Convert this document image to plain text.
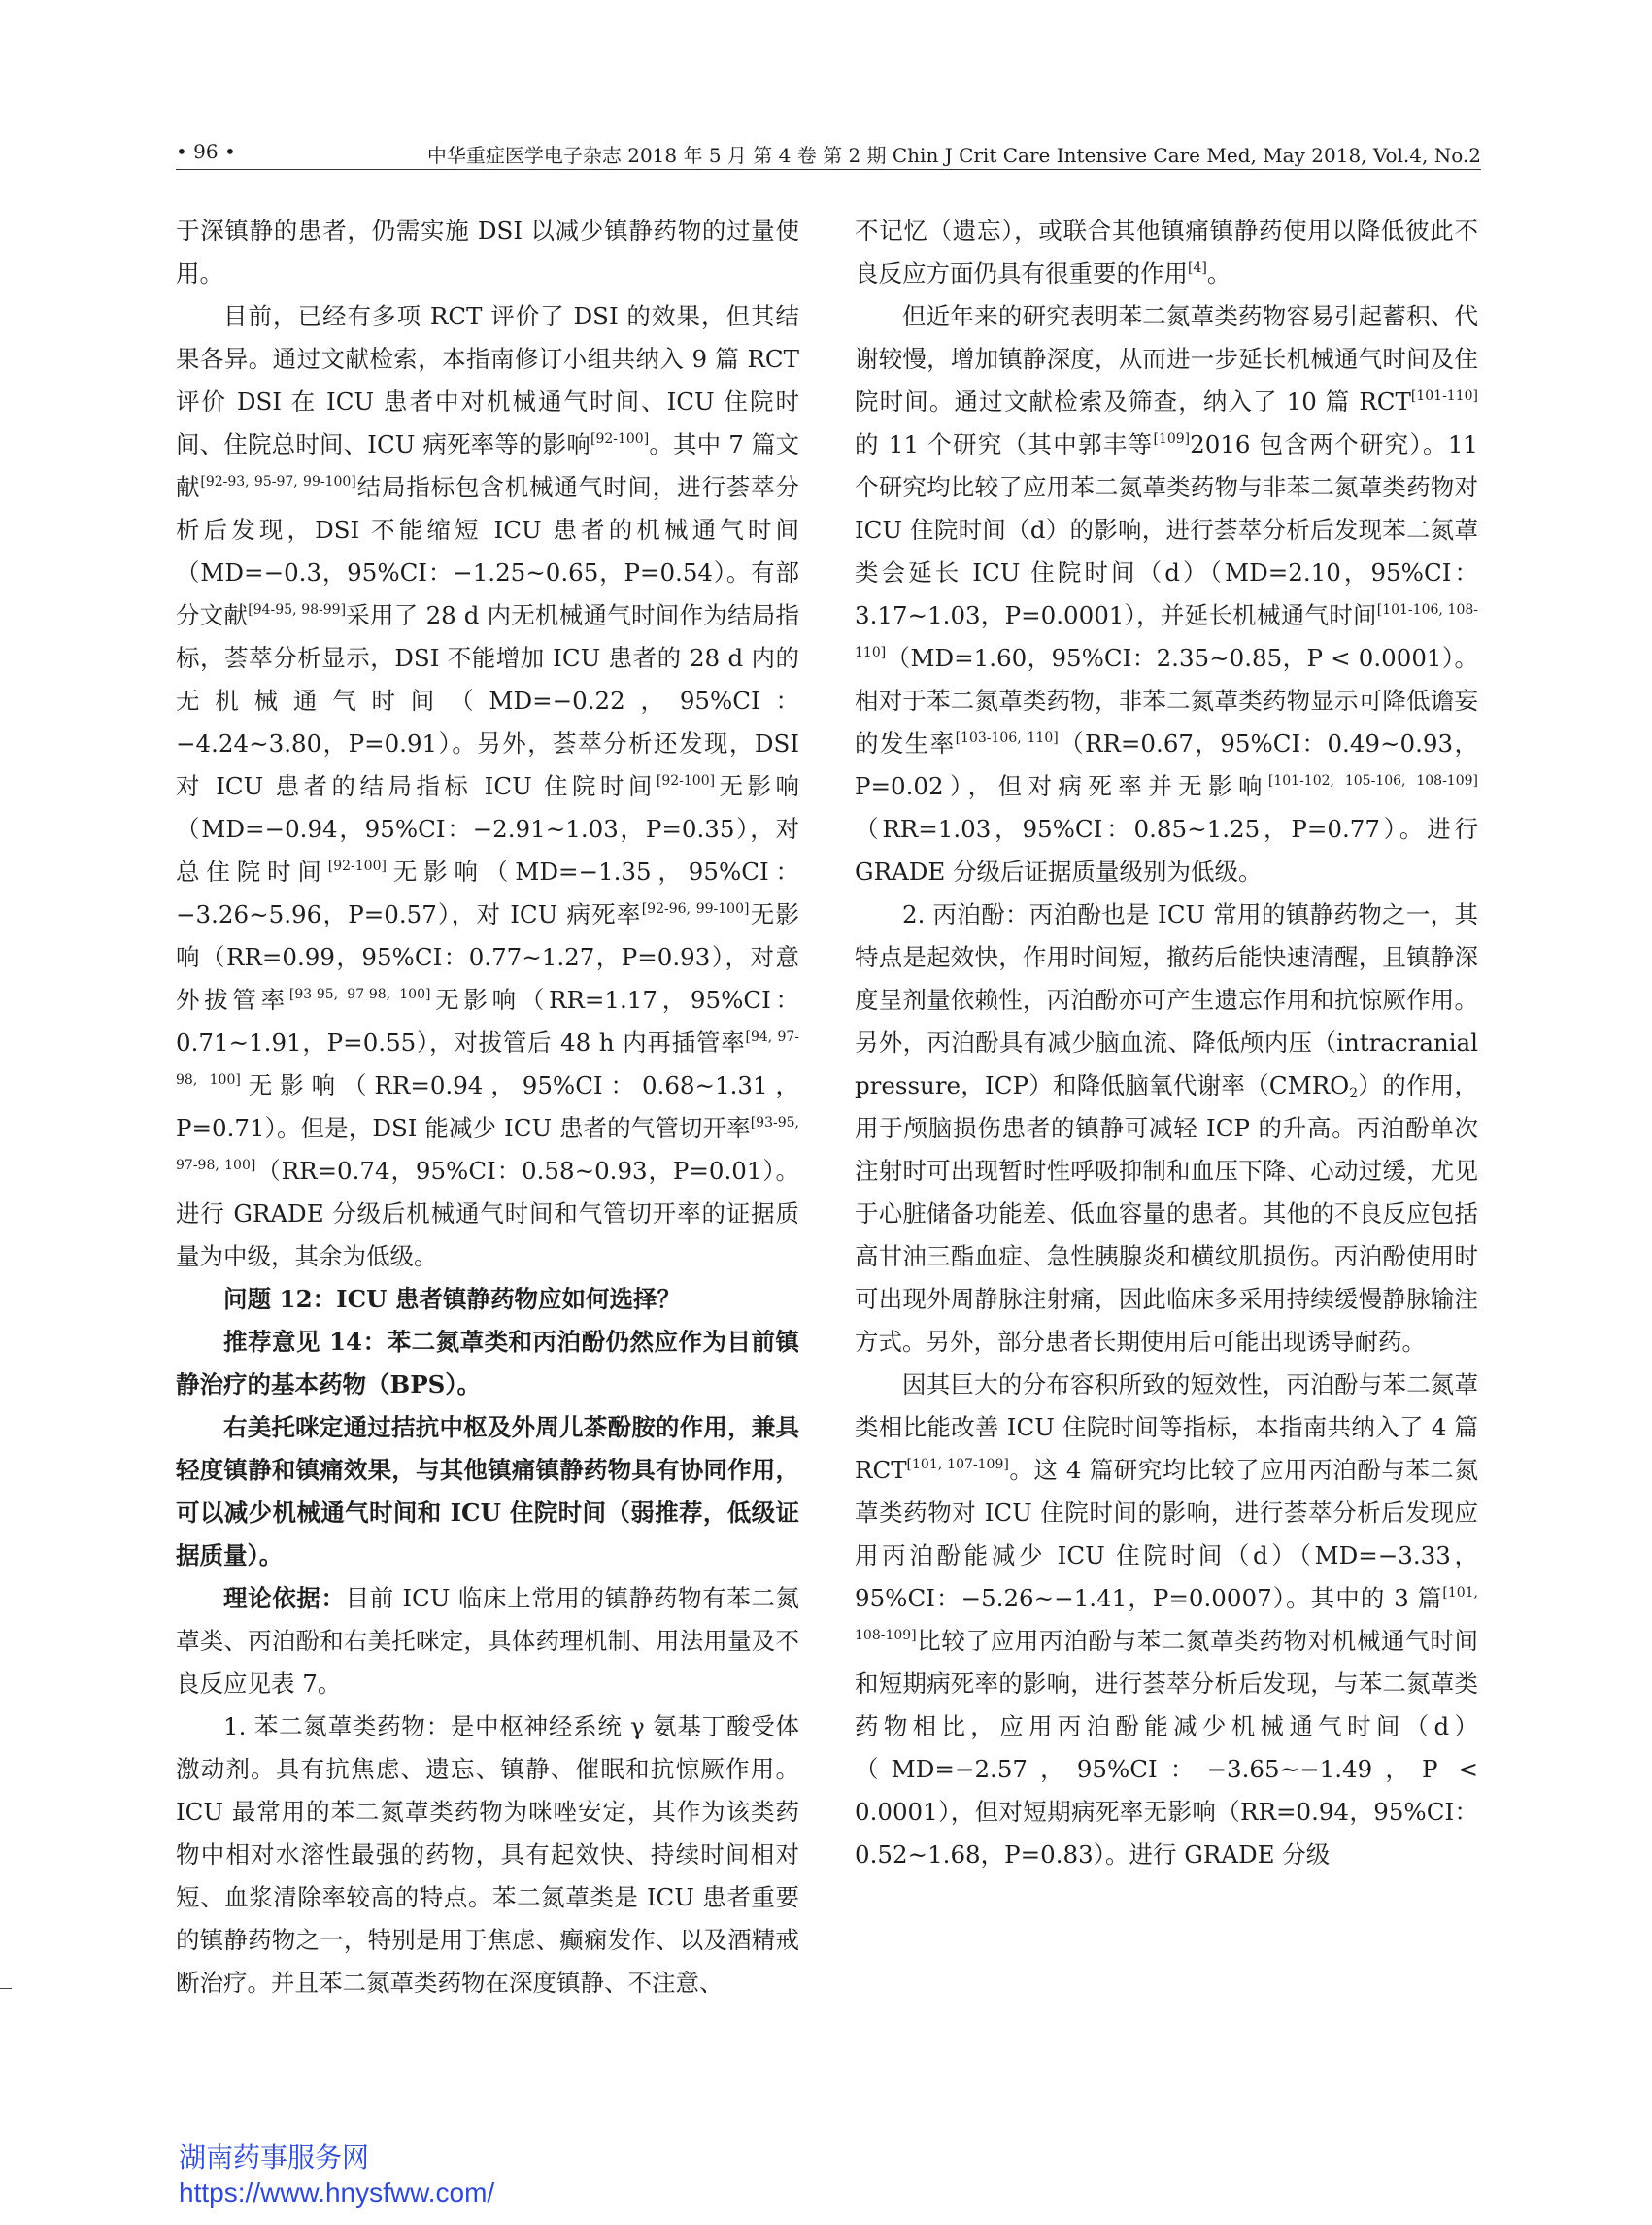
• 96 •	中华重症医学电子杂志 2018 年 5 月 第 4 卷 第 2 期 Chin J Crit Care Intensive Care Med, May 2018, Vol.4, No.2

于深镇静的患者，仍需实施 DSI 以减少镇静药物的过量使用。

目前，已经有多项 RCT 评价了 DSI 的效果，但其结果各异。通过文献检索，本指南修订小组共纳入 9 篇 RCT 评价 DSI 在 ICU 患者中对机械通气时间、ICU 住院时间、住院总时间、ICU 病死率等的影响[92-100]。其中 7 篇文献[92-93, 95-97, 99-100]结局指标包含机械通气时间，进行荟萃分析后发现，DSI 不能缩短 ICU 患者的机械通气时间（MD=−0.3，95%CI：−1.25~0.65，P=0.54）。有部分文献[94-95, 98-99]采用了 28 d 内无机械通气时间作为结局指标，荟萃分析显示，DSI 不能增加 ICU 患者的 28 d 内的无机械通气时间（MD=−0.22，95%CI：−4.24~3.80，P=0.91）。另外，荟萃分析还发现，DSI 对 ICU 患者的结局指标 ICU 住院时间[92-100]无影响（MD=−0.94，95%CI：−2.91~1.03，P=0.35），对总住院时间[92-100]无影响（MD=−1.35，95%CI：−3.26~5.96，P=0.57），对 ICU 病死率[92-96, 99-100]无影响（RR=0.99，95%CI：0.77~1.27，P=0.93），对意外拔管率[93-95, 97-98, 100]无影响（RR=1.17，95%CI：0.71~1.91，P=0.55），对拔管后 48 h 内再插管率[94, 97-98, 100]无影响（RR=0.94，95%CI：0.68~1.31，P=0.71）。但是，DSI 能减少 ICU 患者的气管切开率[93-95, 97-98, 100]（RR=0.74，95%CI：0.58~0.93，P=0.01）。进行 GRADE 分级后机械通气时间和气管切开率的证据质量为中级，其余为低级。

问题 12：ICU 患者镇静药物应如何选择？

推荐意见 14：苯二氮䓬类和丙泊酚仍然应作为目前镇静治疗的基本药物（BPS）。

右美托咪定通过拮抗中枢及外周儿茶酚胺的作用，兼具轻度镇静和镇痛效果，与其他镇痛镇静药物具有协同作用，可以减少机械通气时间和 ICU 住院时间（弱推荐，低级证据质量）。

理论依据：目前 ICU 临床上常用的镇静药物有苯二氮䓬类、丙泊酚和右美托咪定，具体药理机制、用法用量及不良反应见表 7。

1. 苯二氮䓬类药物：是中枢神经系统 γ 氨基丁酸受体激动剂。具有抗焦虑、遗忘、镇静、催眠和抗惊厥作用。ICU 最常用的苯二氮䓬类药物为咪唑安定，其作为该类药物中相对水溶性最强的药物，具有起效快、持续时间相对短、血浆清除率较高的特点。苯二氮䓬类是 ICU 患者重要的镇静药物之一，特别是用于焦虑、癫痫发作、以及酒精戒断治疗。并且苯二氮䓬类药物在深度镇静、不注意、

不记忆（遗忘），或联合其他镇痛镇静药使用以降低彼此不良反应方面仍具有很重要的作用[4]。

但近年来的研究表明苯二氮䓬类药物容易引起蓄积、代谢较慢，增加镇静深度，从而进一步延长机械通气时间及住院时间。通过文献检索及筛查，纳入了 10 篇 RCT[101-110]的 11 个研究（其中郭丰等[109]2016 包含两个研究）。11 个研究均比较了应用苯二氮䓬类药物与非苯二氮䓬类药物对 ICU 住院时间（d）的影响，进行荟萃分析后发现苯二氮䓬类会延长 ICU 住院时间（d）（MD=2.10，95%CI：3.17~1.03，P=0.0001），并延长机械通气时间[101-106, 108-110]（MD=1.60，95%CI：2.35~0.85，P < 0.0001）。相对于苯二氮䓬类药物，非苯二氮䓬类药物显示可降低谵妄的发生率[103-106, 110]（RR=0.67，95%CI：0.49~0.93，P=0.02），但对病死率并无影响[101-102, 105-106, 108-109]（RR=1.03，95%CI：0.85~1.25，P=0.77）。进行 GRADE 分级后证据质量级别为低级。

2. 丙泊酚：丙泊酚也是 ICU 常用的镇静药物之一，其特点是起效快，作用时间短，撤药后能快速清醒，且镇静深度呈剂量依赖性，丙泊酚亦可产生遗忘作用和抗惊厥作用。另外，丙泊酚具有减少脑血流、降低颅内压（intracranial pressure，ICP）和降低脑氧代谢率$(CMRO_2)$的作用，用于颅脑损伤患者的镇静可减轻 ICP 的升高。丙泊酚单次注射时可出现暂时性呼吸抑制和血压下降、心动过缓，尤见于心脏储备功能差、低血容量的患者。其他的不良反应包括高甘油三酯血症、急性胰腺炎和横纹肌损伤。丙泊酚使用时可出现外周静脉注射痛，因此临床多采用持续缓慢静脉输注方式。另外，部分患者长期使用后可能出现诱导耐药。

因其巨大的分布容积所致的短效性，丙泊酚与苯二氮䓬类相比能改善 ICU 住院时间等指标，本指南共纳入了 4 篇 RCT[101, 107-109]。这 4 篇研究均比较了应用丙泊酚与苯二氮䓬类药物对 ICU 住院时间的影响，进行荟萃分析后发现应用丙泊酚能减少 ICU 住院时间（d）（MD=−3.33，95%CI：−5.26~−1.41，P=0.0007）。其中的 3 篇[101, 108-109]比较了应用丙泊酚与苯二氮䓬类药物对机械通气时间和短期病死率的影响，进行荟萃分析后发现，与苯二氮䓬类药物相比，应用丙泊酚能减少机械通气时间（d）（MD=−2.57，95%CI：−3.65~−1.49，P < 0.0001），但对短期病死率无影响（RR=0.94，95%CI：0.52~1.68，P=0.83）。进行 GRADE 分级

湖南药事服务网
https://www.hnysfww.com/
